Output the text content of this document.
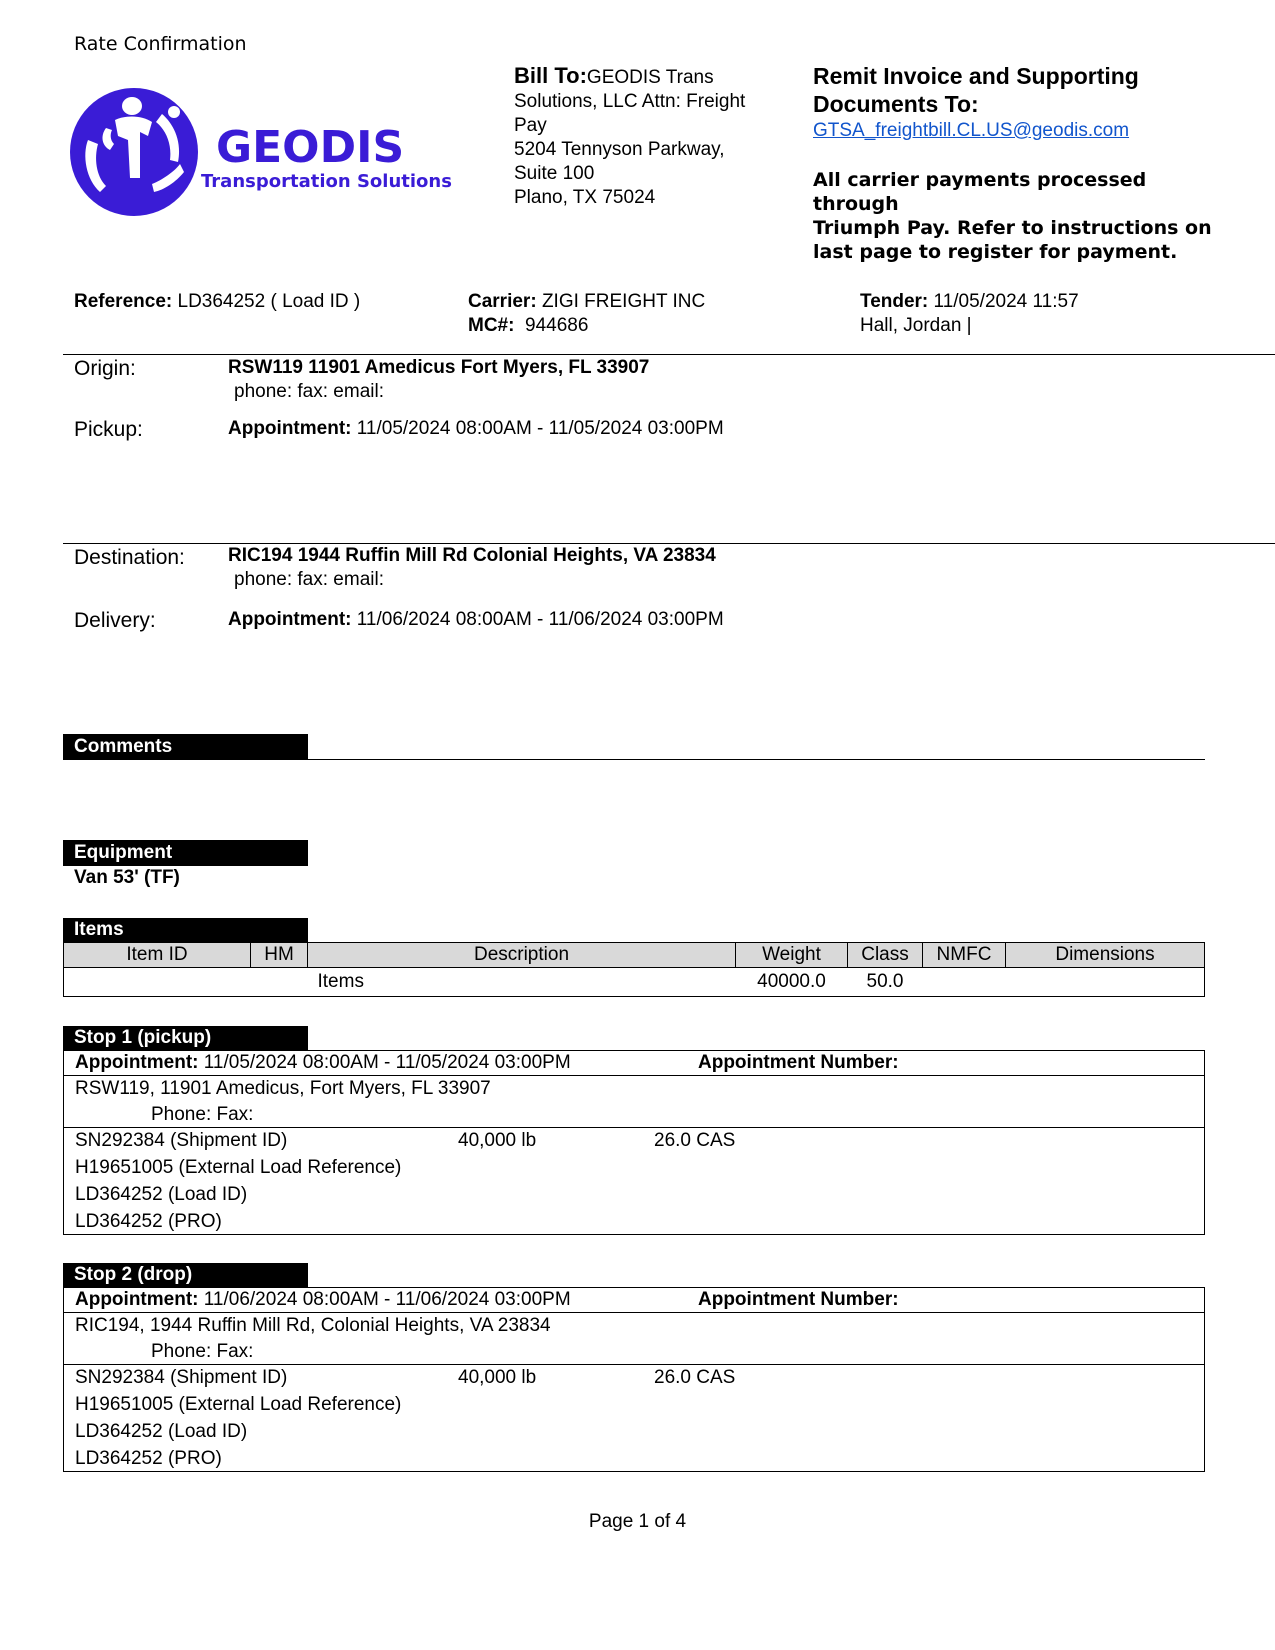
Rate Confirmation
GEODIS
Transportation Solutions
Bill To:GEODIS Trans
Solutions, LLC Attn: Freight
Pay
5204 Tennyson Parkway,
Suite 100
Plano, TX 75024
Remit Invoice and Supporting
Documents To:
GTSA_freightbill.CL.US@geodis.com
All carrier payments processed through
Triumph Pay. Refer to instructions on
last page to register for payment.
Reference: LD364252 ( Load ID )	Carrier: ZIGI FREIGHT INC
MC#: 944686
Tender: 11/05/2024 11:57
Hall, Jordan |
Origin:	RSW119 11901 Amedicus Fort Myers, FL 33907
phone: fax: email:
Pickup:	Appointment: 11/05/2024 08:00AM - 11/05/2024 03:00PM
Destination: RIC194 1944 Ruffin Mill Rd Colonial Heights, VA 23834
phone: fax: email:
Delivery:	Appointment: 11/06/2024 08:00AM - 11/06/2024 03:00PM
Comments
Equipment
Van 53' (TF)
Items
Item ID	HM	Description	Weight	Class	NMFC	Dimensions
		Items	40000.0	50.0		
Stop 1 (pickup)
Appointment: 11/05/2024 08:00AM - 11/05/2024 03:00PM	Appointment Number:
RSW119, 11901 Amedicus, Fort Myers, FL 33907
Phone: Fax:
SN292384 (Shipment ID)	40,000 lb	26.0 CAS
H19651005 (External Load Reference)
LD364252 (Load ID)
LD364252 (PRO)
Stop 2 (drop)
Appointment: 11/06/2024 08:00AM - 11/06/2024 03:00PM	Appointment Number:
RIC194, 1944 Ruffin Mill Rd, Colonial Heights, VA 23834
Phone: Fax:
SN292384 (Shipment ID)	40,000 lb	26.0 CAS
H19651005 (External Load Reference)
LD364252 (Load ID)
LD364252 (PRO)
Page 1 of 4
